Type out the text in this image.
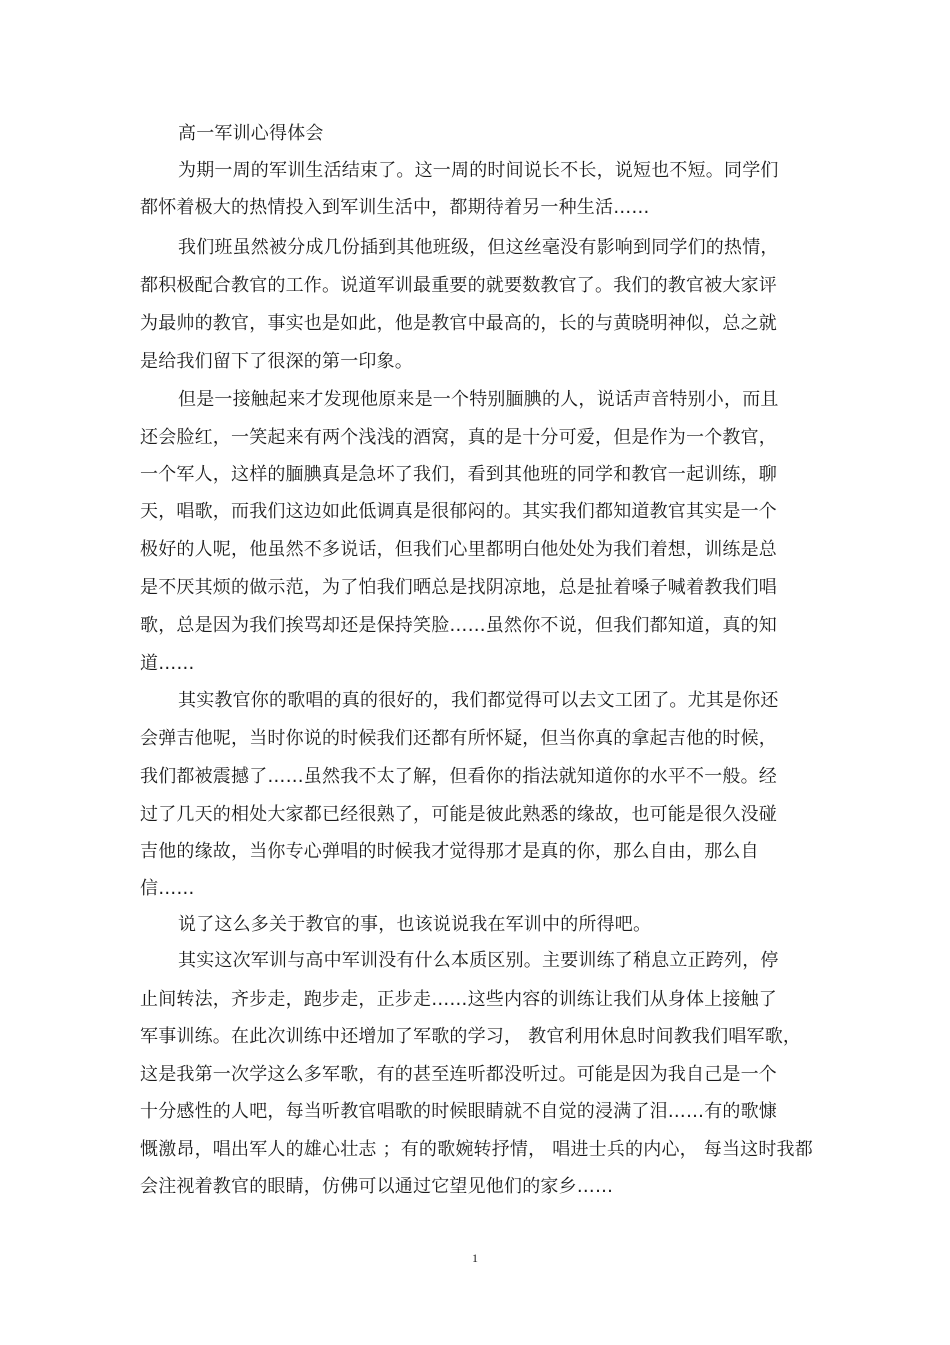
高一军训心得体会
为期一周的军训生活结束了。这一周的时间说长不长，说短也不短。同学们
都怀着极大的热情投入到军训生活中，都期待着另一种生活……
我们班虽然被分成几份插到其他班级，但这丝毫没有影响到同学们的热情，
都积极配合教官的工作。说道军训最重要的就要数教官了。我们的教官被大家评
为最帅的教官，事实也是如此，他是教官中最高的，长的与黄晓明神似，总之就
是给我们留下了很深的第一印象。
但是一接触起来才发现他原来是一个特别腼腆的人，说话声音特别小，而且
还会脸红，一笑起来有两个浅浅的酒窝，真的是十分可爱，但是作为一个教官，
一个军人，这样的腼腆真是急坏了我们，看到其他班的同学和教官一起训练，聊
天，唱歌，而我们这边如此低调真是很郁闷的。其实我们都知道教官其实是一个
极好的人呢，他虽然不多说话，但我们心里都明白他处处为我们着想，训练是总
是不厌其烦的做示范，为了怕我们晒总是找阴凉地，总是扯着嗓子喊着教我们唱
歌，总是因为我们挨骂却还是保持笑脸……虽然你不说，但我们都知道，真的知
道……
其实教官你的歌唱的真的很好的，我们都觉得可以去文工团了。尤其是你还
会弹吉他呢，当时你说的时候我们还都有所怀疑，但当你真的拿起吉他的时候，
我们都被震撼了……虽然我不太了解，但看你的指法就知道你的水平不一般。经
过了几天的相处大家都已经很熟了，可能是彼此熟悉的缘故，也可能是很久没碰
吉他的缘故，当你专心弹唱的时候我才觉得那才是真的你，那么自由，那么自
信……
说了这么多关于教官的事，也该说说我在军训中的所得吧。
其实这次军训与高中军训没有什么本质区别。主要训练了稍息立正跨列，停
止间转法，齐步走，跑步走，正步走……这些内容的训练让我们从身体上接触了
军事训练。在此次训练中还增加了军歌的学习， 教官利用休息时间教我们唱军歌，
这是我第一次学这么多军歌，有的甚至连听都没听过。可能是因为我自己是一个
十分感性的人吧，每当听教官唱歌的时候眼睛就不自觉的浸满了泪……有的歌慷
慨激昂，唱出军人的雄心壮志 ；有的歌婉转抒情， 唱进士兵的内心， 每当这时我都
会注视着教官的眼睛，仿佛可以通过它望见他们的家乡……
1
